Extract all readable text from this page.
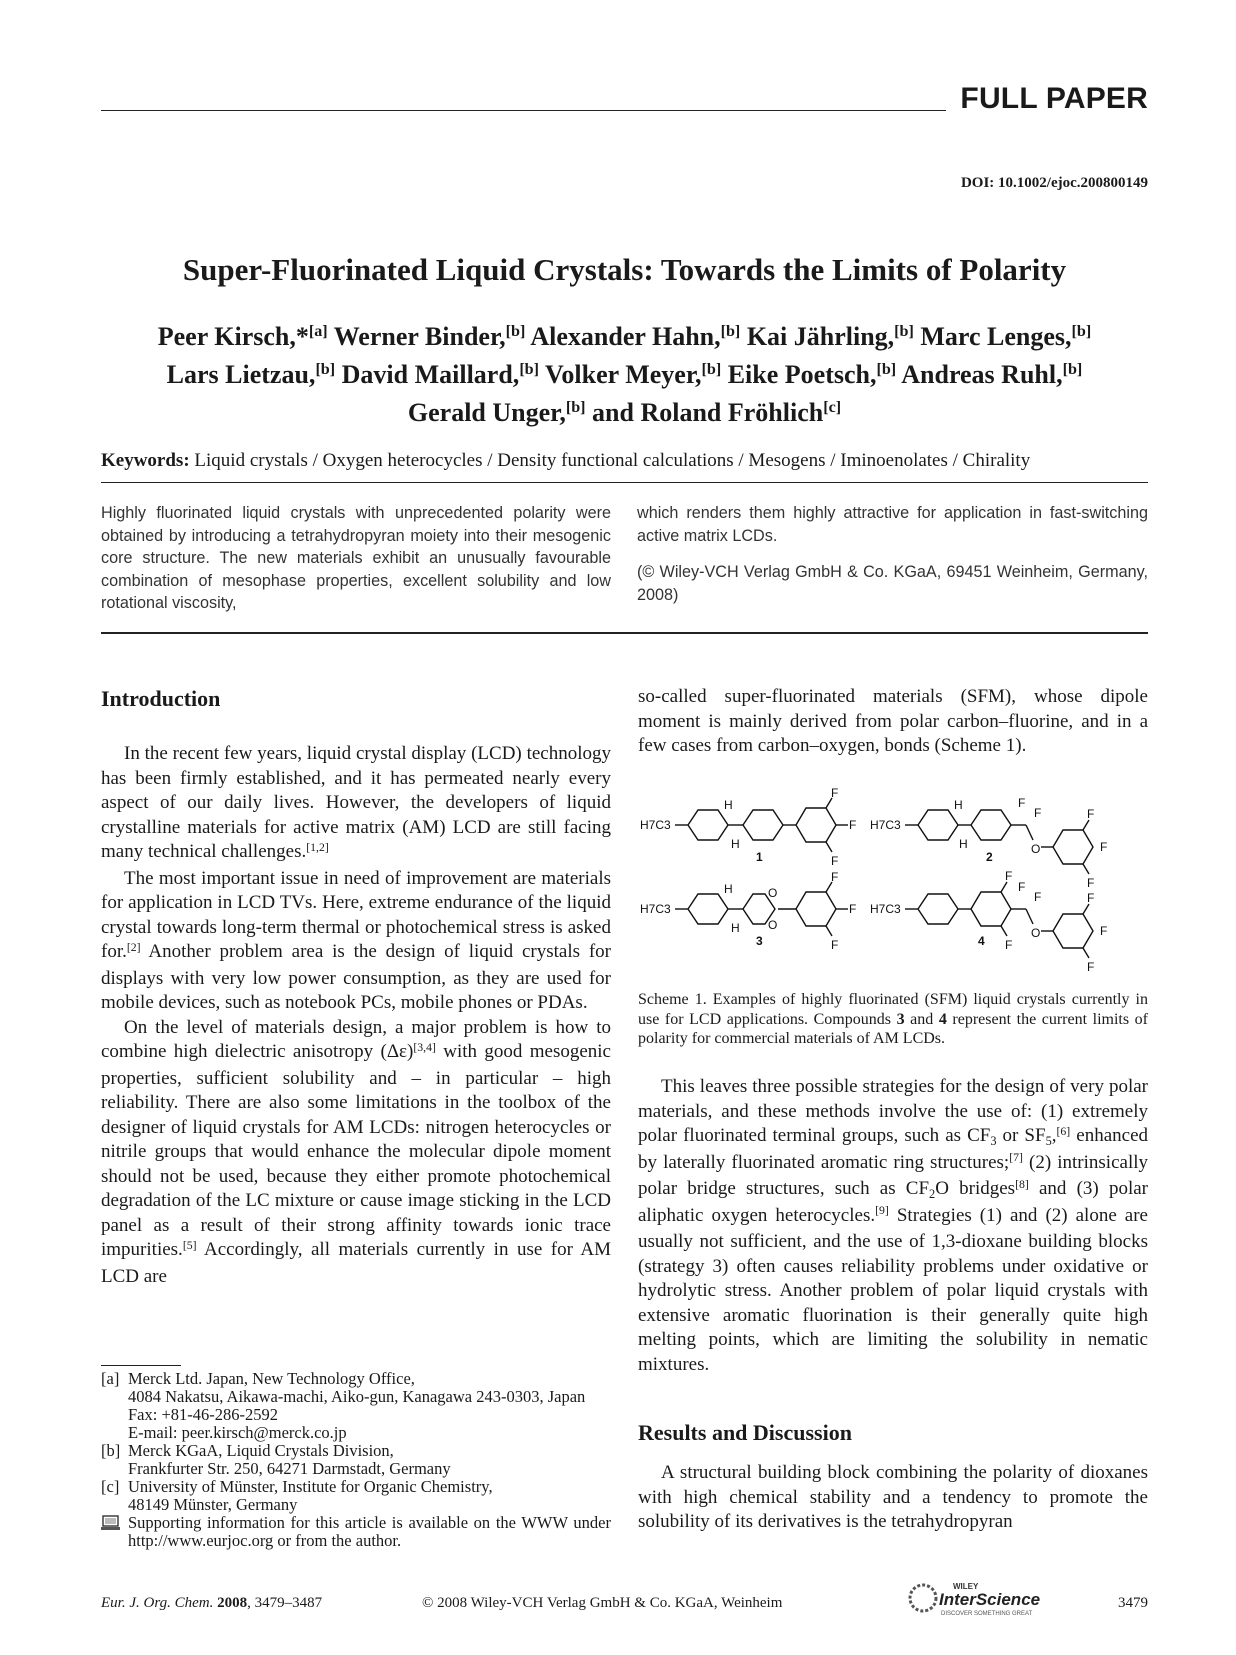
FULL PAPER
DOI: 10.1002/ejoc.200800149
Super-Fluorinated Liquid Crystals: Towards the Limits of Polarity
Peer Kirsch,*[a] Werner Binder,[b] Alexander Hahn,[b] Kai Jährling,[b] Marc Lenges,[b]
Lars Lietzau,[b] David Maillard,[b] Volker Meyer,[b] Eike Poetsch,[b] Andreas Ruhl,[b]
Gerald Unger,[b] and Roland Fröhlich[c]
Keywords: Liquid crystals / Oxygen heterocycles / Density functional calculations / Mesogens / Iminoenolates / Chirality

Highly fluorinated liquid crystals with unprecedented polarity were obtained by introducing a tetrahydropyran moiety into their mesogenic core structure. The new materials exhibit an unusually favourable combination of mesophase properties, excellent solubility and low rotational viscosity,

which renders them highly attractive for application in fast-switching active matrix LCDs.

(© Wiley-VCH Verlag GmbH & Co. KGaA, 69451 Weinheim, Germany, 2008)

Introduction

In the recent few years, liquid crystal display (LCD) technology has been firmly established, and it has permeated nearly every aspect of our daily lives. However, the developers of liquid crystalline materials for active matrix (AM) LCD are still facing many technical challenges.[1,2]

The most important issue in need of improvement are materials for application in LCD TVs. Here, extreme endurance of the liquid crystal towards long-term thermal or photochemical stress is asked for.[2] Another problem area is the design of liquid crystals for displays with very low power consumption, as they are used for mobile devices, such as notebook PCs, mobile phones or PDAs.

On the level of materials design, a major problem is how to combine high dielectric anisotropy (Δε)[3,4] with good mesogenic properties, sufficient solubility and – in particular – high reliability. There are also some limitations in the toolbox of the designer of liquid crystals for AM LCDs: nitrogen heterocycles or nitrile groups that would enhance the molecular dipole moment should not be used, because they either promote photochemical degradation of the LC mixture or cause image sticking in the LCD panel as a result of their strong affinity towards ionic trace impurities.[5] Accordingly, all materials currently in use for AM LCD are

[a] Merck Ltd. Japan, New Technology Office,
4084 Nakatsu, Aikawa-machi, Aiko-gun, Kanagawa 243-0303, Japan
Fax: +81-46-286-2592
E-mail: peer.kirsch@merck.co.jp
[b] Merck KGaA, Liquid Crystals Division,
Frankfurter Str. 250, 64271 Darmstadt, Germany
[c] University of Münster, Institute for Organic Chemistry,
48149 Münster, Germany
Supporting information for this article is available on the WWW under http://www.eurjoc.org or from the author.

so-called super-fluorinated materials (SFM), whose dipole moment is mainly derived from polar carbon–fluorine, and in a few cases from carbon–oxygen, bonds (Scheme 1).

H7C3
H
H
F
F
F
1
H7C3
H
H
F
F
O
F
F
F
2
H7C3
H
H
O
O
F
F
F
3
H7C3
F
F
F
F
O
F
F
F
4
Scheme 1. Examples of highly fluorinated (SFM) liquid crystals currently in use for LCD applications. Compounds 3 and 4 represent the current limits of polarity for commercial materials of AM LCDs.

This leaves three possible strategies for the design of very polar materials, and these methods involve the use of: (1) extremely polar fluorinated terminal groups, such as $CF_3$ or $SF_5,[6]$ enhanced by laterally fluorinated aromatic ring structures;[7] (2) intrinsically polar bridge structures, such as $CF_2O$ bridges[8] and (3) polar aliphatic oxygen heterocycles.[9] Strategies (1) and (2) alone are usually not sufficient, and the use of 1,3-dioxane building blocks (strategy 3) often causes reliability problems under oxidative or hydrolytic stress. Another problem of polar liquid crystals with extensive aromatic fluorination is their generally quite high melting points, which are limiting the solubility in nematic mixtures.

Results and Discussion

A structural building block combining the polarity of dioxanes with high chemical stability and a tendency to promote the solubility of its derivatives is the tetrahydropyran

Eur. J. Org. Chem. 2008, 3479–3487	© 2008 Wiley-VCH Verlag GmbH & Co. KGaA, Weinheim
WILEY
InterScience
DISCOVER SOMETHING GREAT
3479
